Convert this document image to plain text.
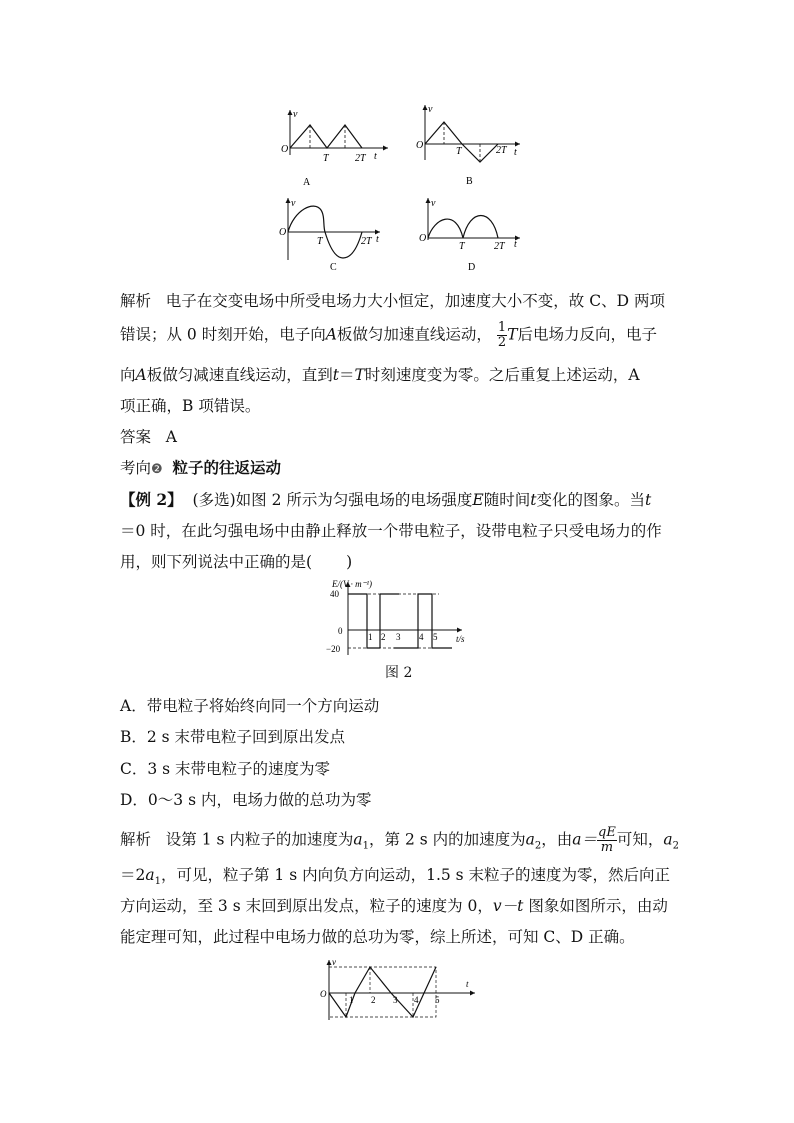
v
O
T	2T t
A
v
O
T	2T t
B
v
O
T	2T t
C
v
O
T	2T t
D
解析 电子在交变电场中所受电场力大小恒定，加速度大小不变，故 C、D 两项
错误；从 0 时刻开始，电子向A板做匀加速直线运动， $\frac{1}{2}$ T后电场力反向，电子
向A板做匀减速直线运动，直到t＝T时刻速度变为零。之后重复上述运动，A
项正确，B 项错误。
答案 A
考向❷ 粒子的往返运动
【例 2】 (多选)如图 2 所示为匀强电场的电场强度E随时间t变化的图象。当t
＝0 时，在此匀强电场中由静止释放一个带电粒子，设带电粒子只受电场力的作
用，则下列说法中正确的是( )
E/(V · m⁻¹)
40
0
−20
1 2 3 4 5 t/s
图 2
A．带电粒子将始终向同一个方向运动
B．2 s 末带电粒子回到原出发点
C．3 s 末带电粒子的速度为零
D．0～3 s 内，电场力做的总功为零
解析 设第 1 s 内粒子的加速度为$a_1$，第 2 s 内的加速度为$a_2$，由$a= \frac{qE}{m}$ 可知，$a_2$
$=2a_1$，可见，粒子第 1 s 内向负方向运动，1.5 s 末粒子的速度为零，然后向正
方向运动，至 3 s 末回到原出发点，粒子的速度为 0，v－t 图象如图所示，由动
能定理可知，此过程中电场力做的总功为零，综上所述，可知 C、D 正确。
v
O
1 2 3 4 5
t
